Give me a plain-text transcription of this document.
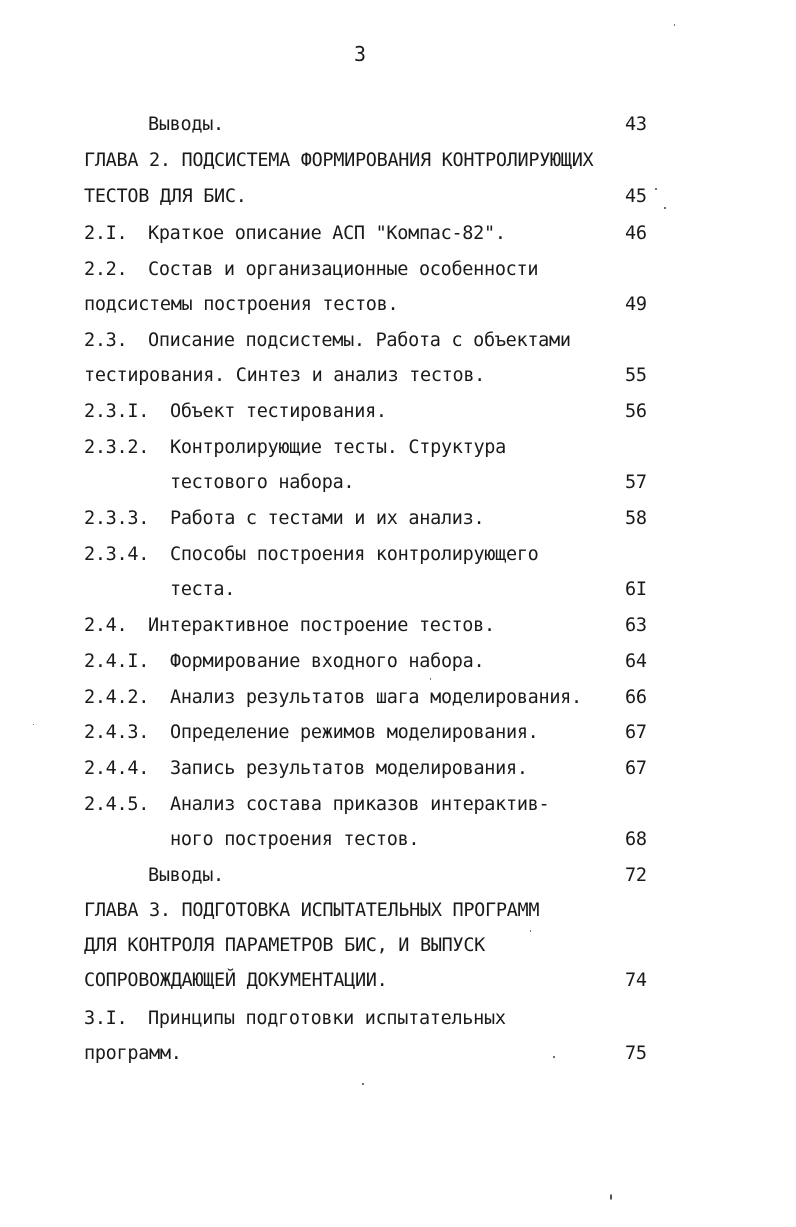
3
Выводы.	43
ГЛАВА 2. ПОДСИСТЕМА ФОРМИРОВАНИЯ КОНТРОЛИРУЮЩИХ
ТЕСТОВ ДЛЯ БИС.	45
2.I. Краткое описание АСП "Компас-82".	46
2.2. Состав и организационные особенности
подсистемы построения тестов.	49
2.3. Описание подсистемы. Работа с объектами
тестирования. Синтез и анализ тестов.	55
2.3.I. Объект тестирования.	56
2.3.2. Контролирующие тесты. Структура
тестового набора.	57
2.3.3. Работа с тестами и их анализ.	58
2.3.4. Способы построения контролирующего
теста.	6I
2.4. Интерактивное построение тестов.	63
2.4.I. Формирование входного набора.	64
2.4.2. Анализ результатов шага моделирования. 66
2.4.3. Определение режимов моделирования.	67
2.4.4. Запись результатов моделирования.	67
2.4.5. Анализ состава приказов интерактив-
ного построения тестов.	68
Выводы.	72
ГЛАВА 3. ПОДГОТОВКА ИСПЫТАТЕЛЬНЫХ ПРОГРАММ
ДЛЯ КОНТРОЛЯ ПАРАМЕТРОВ БИС, И ВЫПУСК
СОПРОВОЖДАЮЩЕЙ ДОКУМЕНТАЦИИ.	74
3.I. Принципы подготовки испытательных
программ.	75
